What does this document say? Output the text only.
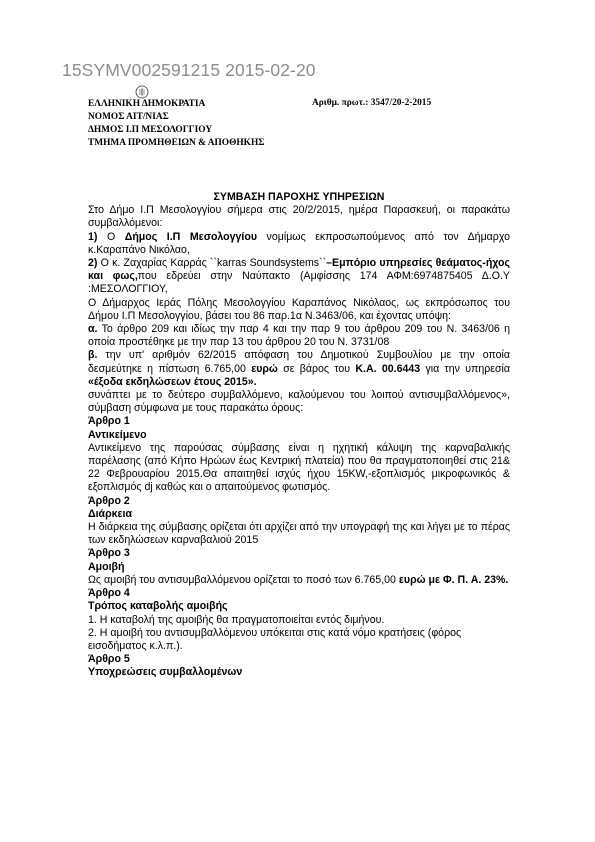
15SYMV002591215 2015-02-20
ΕΛΛΗΝΙΚΗ ΔΗΜΟΚΡΑΤΙΑ
ΝΟΜΟΣ ΑΙΤ/ΝΙΑΣ
ΔΗΜΟΣ Ι.Π ΜΕΣΟΛΟΓΓΙΟΥ
ΤΜΗΜΑ ΠΡΟΜΗΘΕΙΩΝ & ΑΠΟΘΗΚΗΣ
Αριθμ. πρωτ.: 3547/20-2-2015

ΣΥΜΒΑΣΗ ΠΑΡΟΧΗΣ ΥΠΗΡΕΣΙΩΝ

Στο Δήμο Ι.Π Μεσολογγίου σήμερα στις 20/2/2015, ημέρα Παρασκευή, οι παρακάτω συμβαλλόμενοι:

1) Ο Δήμος Ι.Π Μεσολογγίου νομίμως εκπροσωπούμενος από τον Δήμαρχο κ.Καραπάνο Νικόλαο,

2) Ο κ. Ζαχαρίας Καρράς ``karras Soundsystems``–Εμπόριο υπηρεσίες θεάματος-ήχος και φως,που εδρεύει στην Ναύπακτο (Αμφίσσης 174 ΑΦΜ:6974875405 Δ.Ο.Υ :ΜΕΣΟΛΟΓΓΙΟΥ,

Ο Δήμαρχος Ιεράς Πόλης Μεσολογγίου Καραπάνος Νικόλαος, ως εκπρόσωπος του Δήμου Ι.Π Μεσολογγίου, βάσει του 86 παρ.1α Ν.3463/06, και έχοντας υπόψη:

α. Το άρθρο 209 και ιδίως την παρ 4 και την παρ 9 του άρθρου 209 του Ν. 3463/06 η οποία προστέθηκε με την παρ 13 του άρθρου 20 του Ν. 3731/08

β. την υπ' αριθμόν 62/2015 απόφαση του Δημοτικού Συμβουλίου με την οποία δεσμεύτηκε η πίστωση 6.765,00 ευρώ σε βάρος του Κ.Α. 00.6443 για την υπηρεσία «έξοδα εκδηλώσεων έτους 2015».

συνάπτει με το δεύτερο συμβαλλόμενο, καλούμενου του λοιπού αντισυμβαλλόμενος», σύμβαση σύμφωνα με τους παρακάτω όρους:

Άρθρο 1

Αντικείμενο

Αντικείμενο της παρούσας σύμβασης είναι η ηχητική κάλυψη της καρναβαλικής παρέλασης (από Κήπο Ηρώων έως Κεντρική πλατεία) που θα πραγματοποιηθεί στις 21& 22 Φεβρουαρίου 2015.Θα απαιτηθεί ισχύς ήχου 15KW,-εξοπλισμός μικροφωνικός & εξοπλισμός dj καθώς και ο απαιτούμενος φωτισμός.

Άρθρο 2

Διάρκεια

Η διάρκεια της σύμβασης ορίζεται ότι αρχίζει από την υπογραφή της και λήγει με το πέρας των εκδηλώσεων καρναβαλιού 2015

Άρθρο 3

Αμοιβή

Ως αμοιβή του αντισυμβαλλόμενου ορίζεται το ποσό των 6.765,00 ευρώ με Φ. Π. Α. 23%.

Άρθρο 4

Τρόπος καταβολής αμοιβής

1. Η καταβολή της αμοιβής θα πραγματοποιείται εντός διμήνου.

2. Η αμοιβή του αντισυμβαλλόμενου υπόκειται στις κατά νόμο κρατήσεις (φόρος

εισοδήματος κ.λ.π.).

Άρθρο 5

Υποχρεώσεις συμβαλλομένων
